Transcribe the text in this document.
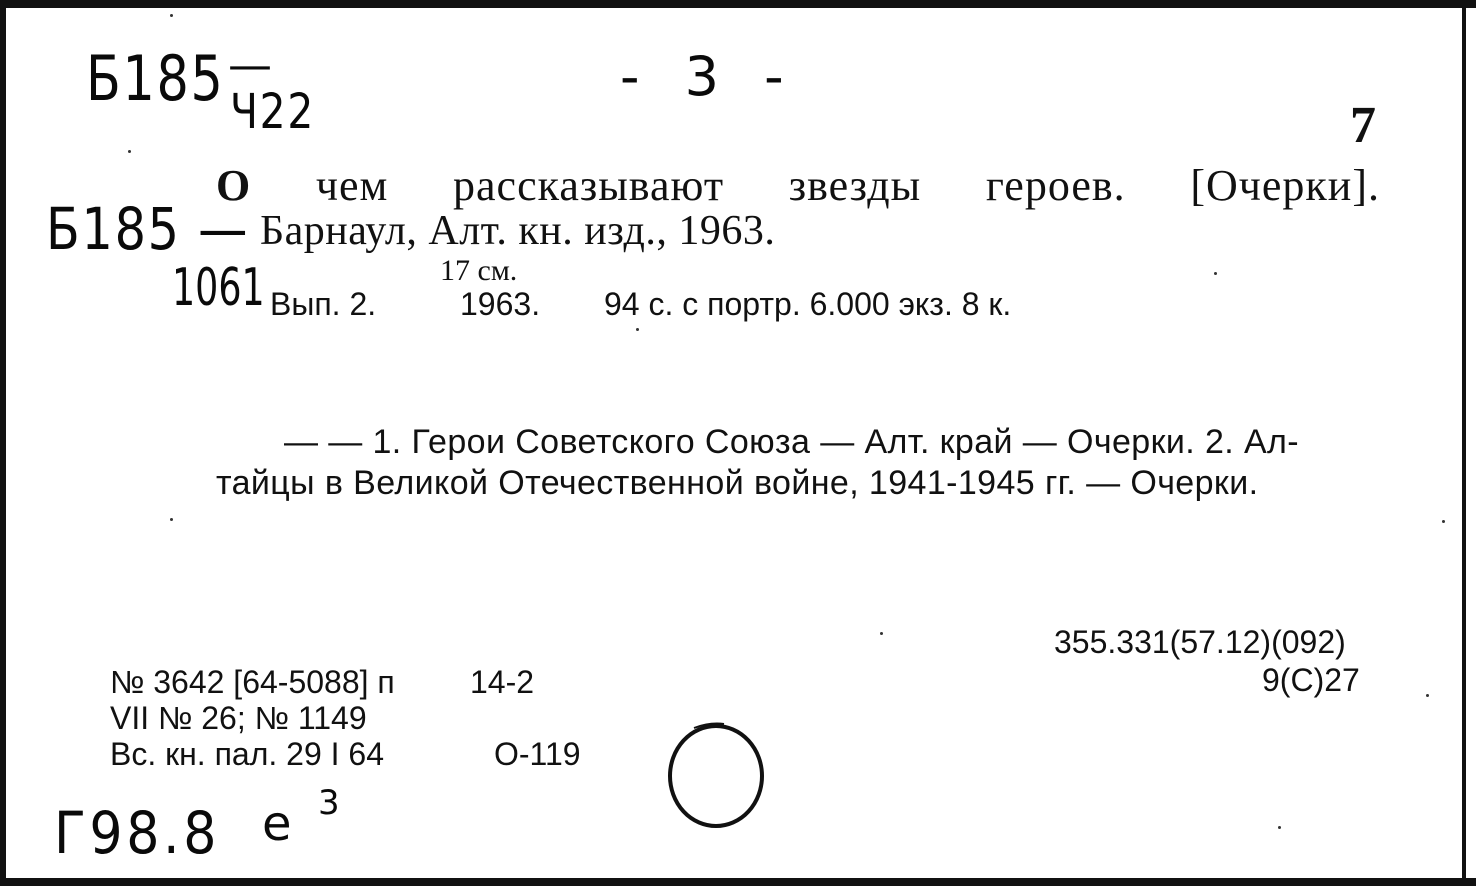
Б185 —
Ч22
- 3 -
7
О чем рассказывают звезды героев. [Очерки].
Б185 — Барнаул, Алт. кн. изд., 1963.
17 см.
1061 Вып. 2.	1963. 94 с. с портр. 6.000 экз. 8 к.
— — 1. Герои Советского Союза — Алт. край — Очерки. 2. Ал-
тайцы в Великой Отечественной войне, 1941-1945 гг. — Очерки.
355.331(57.12)(092)
9(С)27
№ 3642 [64-5088] п 14-2
VII № 26; № 1149
Вс. кн. пал. 29 I 64	О-119
Г98.8 е 3
